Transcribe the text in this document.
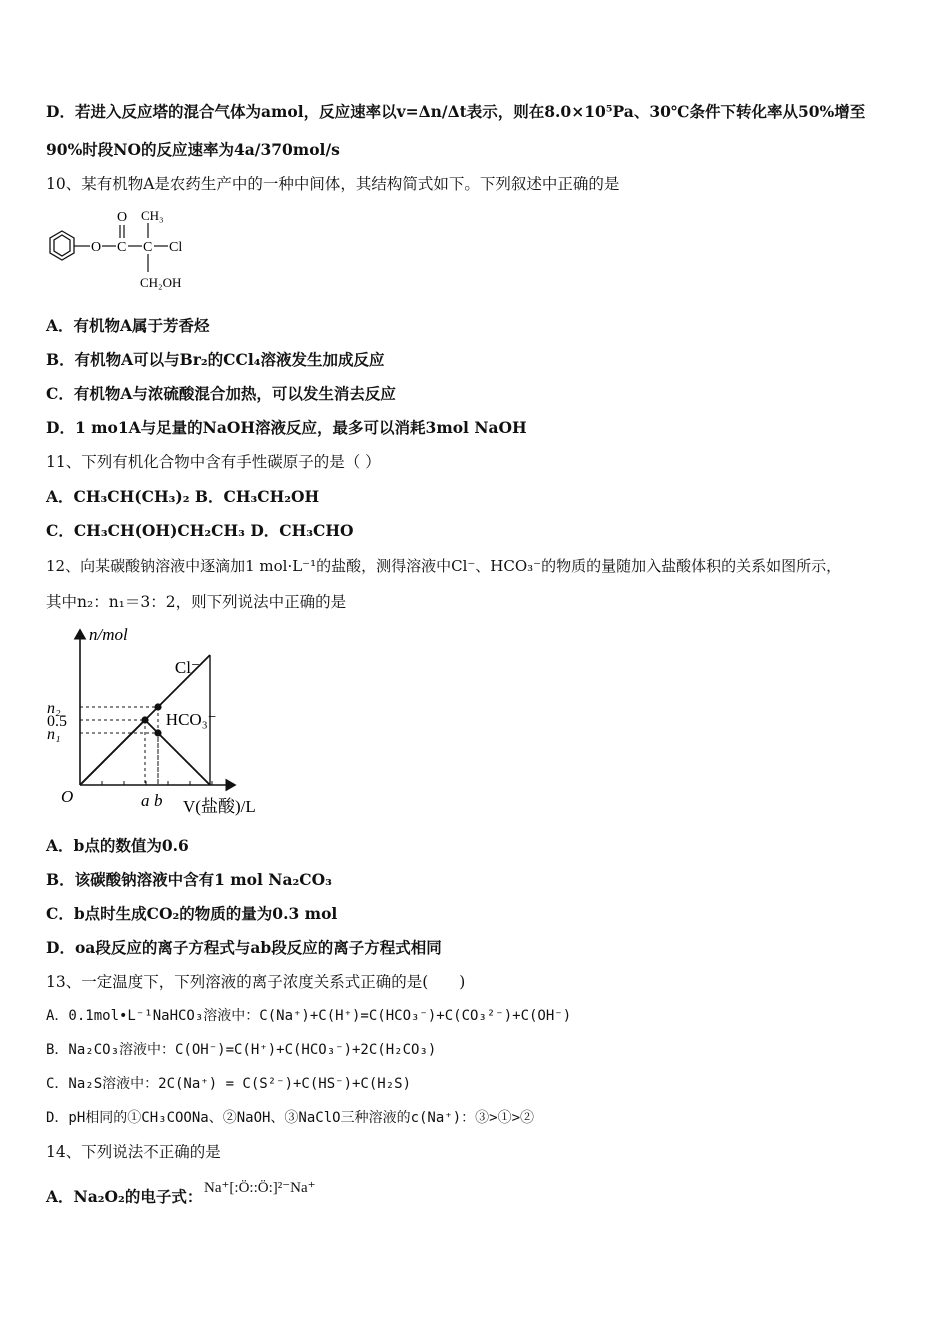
D．若进入反应塔的混合气体为amol，反应速率以v=Δn/Δt表示，则在8.0×10⁵Pa、30℃条件下转化率从50%增至
90%时段NO的反应速率为4a/370mol/s
10、某有机物A是农药生产中的一种中间体，其结构简式如下。下列叙述中正确的是
O C
O
C
CH₃
Cl
CH₂OH
A．有机物A属于芳香烃
B．有机物A可以与Br₂的CCl₄溶液发生加成反应
C．有机物A与浓硫酸混合加热，可以发生消去反应
D．1 mo1A与足量的NaOH溶液反应，最多可以消耗3mol NaOH
11、下列有机化合物中含有手性碳原子的是（ ）
A．CH₃CH(CH₃)₂ B．CH₃CH₂OH
C．CH₃CH(OH)CH₂CH₃ D．CH₃CHO
12、向某碳酸钠溶液中逐滴加1 mol·L⁻¹的盐酸，测得溶液中Cl⁻、HCO₃⁻的物质的量随加入盐酸体积的关系如图所示，
其中n₂：n₁＝3：2，则下列说法中正确的是
n/mol
V(盐酸)/L
O
n₂
0.5
n₁
a b
Cl⁻
HCO₃⁻
A．b点的数值为0.6
B．该碳酸钠溶液中含有1 mol Na₂CO₃
C．b点时生成CO₂的物质的量为0.3 mol
D．oa段反应的离子方程式与ab段反应的离子方程式相同
13、一定温度下，下列溶液的离子浓度关系式正确的是(　　)
A．0.1mol•L⁻¹NaHCO₃溶液中：C(Na⁺)+C(H⁺)=C(HCO₃⁻)+C(CO₃²⁻)+C(OH⁻)
B．Na₂CO₃溶液中：C(OH⁻)=C(H⁺)+C(HCO₃⁻)+2C(H₂CO₃)
C．Na₂S溶液中：2C(Na⁺) = C(S²⁻)+C(HS⁻)+C(H₂S)
D．pH相同的①CH₃COONa、②NaOH、③NaClO三种溶液的c(Na⁺)：③>①>②
14、下列说法不正确的是
A．Na₂O₂的电子式： Na⁺[:Ö::Ö:]²⁻Na⁺
